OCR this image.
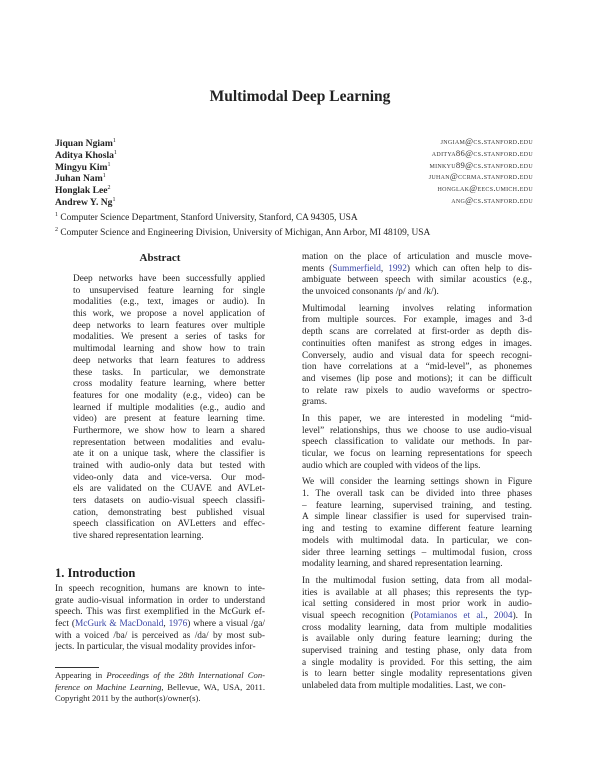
Multimodal Deep Learning
Jiquan Ngiam$^1$	jngiam@cs.stanford.edu
Aditya Khosla$^1$	aditya86@cs.stanford.edu
Mingyu Kim$^1$	minkyu89@cs.stanford.edu
Juhan Nam$^1$	juhan@ccrma.stanford.edu
Honglak Lee$^2$	honglak@eecs.umich.edu
Andrew Y. Ng$^1$	ang@cs.stanford.edu
$^1$ Computer Science Department, Stanford University, Stanford, CA 94305, USA
$^2$ Computer Science and Engineering Division, University of Michigan, Ann Arbor, MI 48109, USA
Abstract
Deep networks have been successfully applied
to unsupervised feature learning for single
modalities (e.g., text, images or audio). In
this work, we propose a novel application of
deep networks to learn features over multiple
modalities. We present a series of tasks for
multimodal learning and show how to train
deep networks that learn features to address
these tasks. In particular, we demonstrate
cross modality feature learning, where better
features for one modality (e.g., video) can be
learned if multiple modalities (e.g., audio and
video) are present at feature learning time.
Furthermore, we show how to learn a shared
representation between modalities and evalu-
ate it on a unique task, where the classifier is
trained with audio-only data but tested with
video-only data and vice-versa. Our mod-
els are validated on the CUAVE and AVLet-
ters datasets on audio-visual speech classifi-
cation, demonstrating best published visual
speech classification on AVLetters and effec-
tive shared representation learning.
1. Introduction
In speech recognition, humans are known to inte-
grate audio-visual information in order to understand
speech. This was first exemplified in the McGurk ef-
fect (McGurk & MacDonald, 1976) where a visual /ga/
with a voiced /ba/ is perceived as /da/ by most sub-
jects. In particular, the visual modality provides infor-
Appearing in Proceedings of the 28th International Con-
ference on Machine Learning, Bellevue, WA, USA, 2011.
Copyright 2011 by the author(s)/owner(s).
mation on the place of articulation and muscle move-
ments (Summerfield, 1992) which can often help to dis-
ambiguate between speech with similar acoustics (e.g.,
the unvoiced consonants /p/ and /k/).
Multimodal learning involves relating information
from multiple sources. For example, images and 3-d
depth scans are correlated at first-order as depth dis-
continuities often manifest as strong edges in images.
Conversely, audio and visual data for speech recogni-
tion have correlations at a “mid-level”, as phonemes
and visemes (lip pose and motions); it can be difficult
to relate raw pixels to audio waveforms or spectro-
grams.
In this paper, we are interested in modeling “mid-
level” relationships, thus we choose to use audio-visual
speech classification to validate our methods. In par-
ticular, we focus on learning representations for speech
audio which are coupled with videos of the lips.
We will consider the learning settings shown in Figure
1. The overall task can be divided into three phases
– feature learning, supervised training, and testing.
A simple linear classifier is used for supervised train-
ing and testing to examine different feature learning
models with multimodal data. In particular, we con-
sider three learning settings – multimodal fusion, cross
modality learning, and shared representation learning.
In the multimodal fusion setting, data from all modal-
ities is available at all phases; this represents the typ-
ical setting considered in most prior work in audio-
visual speech recognition (Potamianos et al., 2004). In
cross modality learning, data from multiple modalities
is available only during feature learning; during the
supervised training and testing phase, only data from
a single modality is provided. For this setting, the aim
is to learn better single modality representations given
unlabeled data from multiple modalities. Last, we con-
